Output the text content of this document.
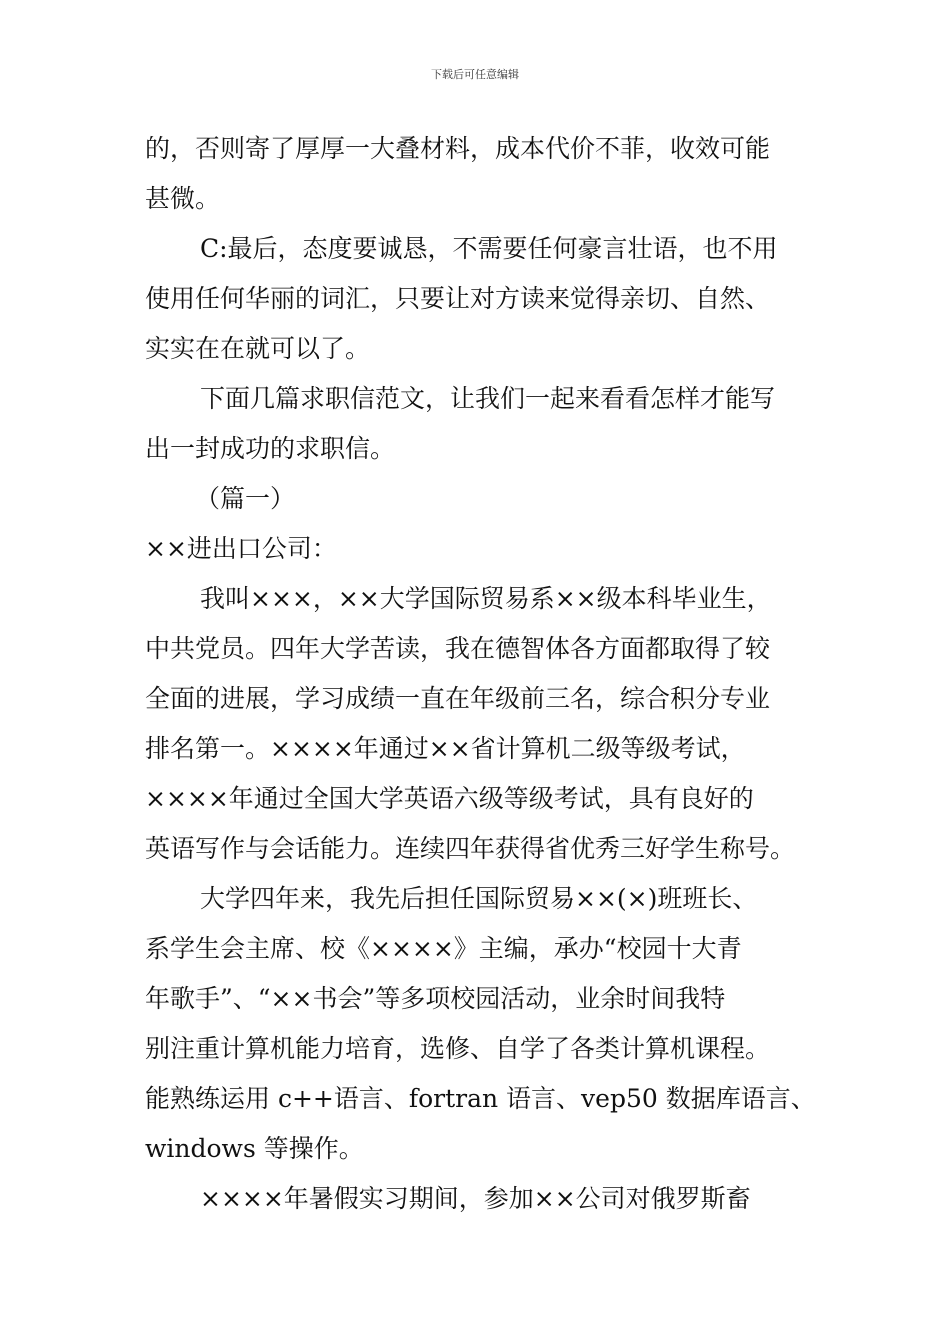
下载后可任意编辑
的，否则寄了厚厚一大叠材料，成本代价不菲，收效可能
甚微。
C:最后，态度要诚恳，不需要任何豪言壮语，也不用
使用任何华丽的词汇，只要让对方读来觉得亲切、自然、
实实在在就可以了。
下面几篇求职信范文，让我们一起来看看怎样才能写
出一封成功的求职信。
（篇一）
××进出口公司：
我叫×××，××大学国际贸易系××级本科毕业生，
中共党员。四年大学苦读，我在德智体各方面都取得了较
全面的进展，学习成绩一直在年级前三名，综合积分专业
排名第一。××××年通过××省计算机二级等级考试，
××××年通过全国大学英语六级等级考试，具有良好的
英语写作与会话能力。连续四年获得省优秀三好学生称号。
大学四年来，我先后担任国际贸易××(×)班班长、
系学生会主席、校《××××》主编，承办“校园十大青
年歌手”、“××书会”等多项校园活动，业余时间我特
别注重计算机能力培育，选修、自学了各类计算机课程。
能熟练运用 c++语言、fortran 语言、vep50 数据库语言、
windows 等操作。
××××年暑假实习期间，参加××公司对俄罗斯畜
